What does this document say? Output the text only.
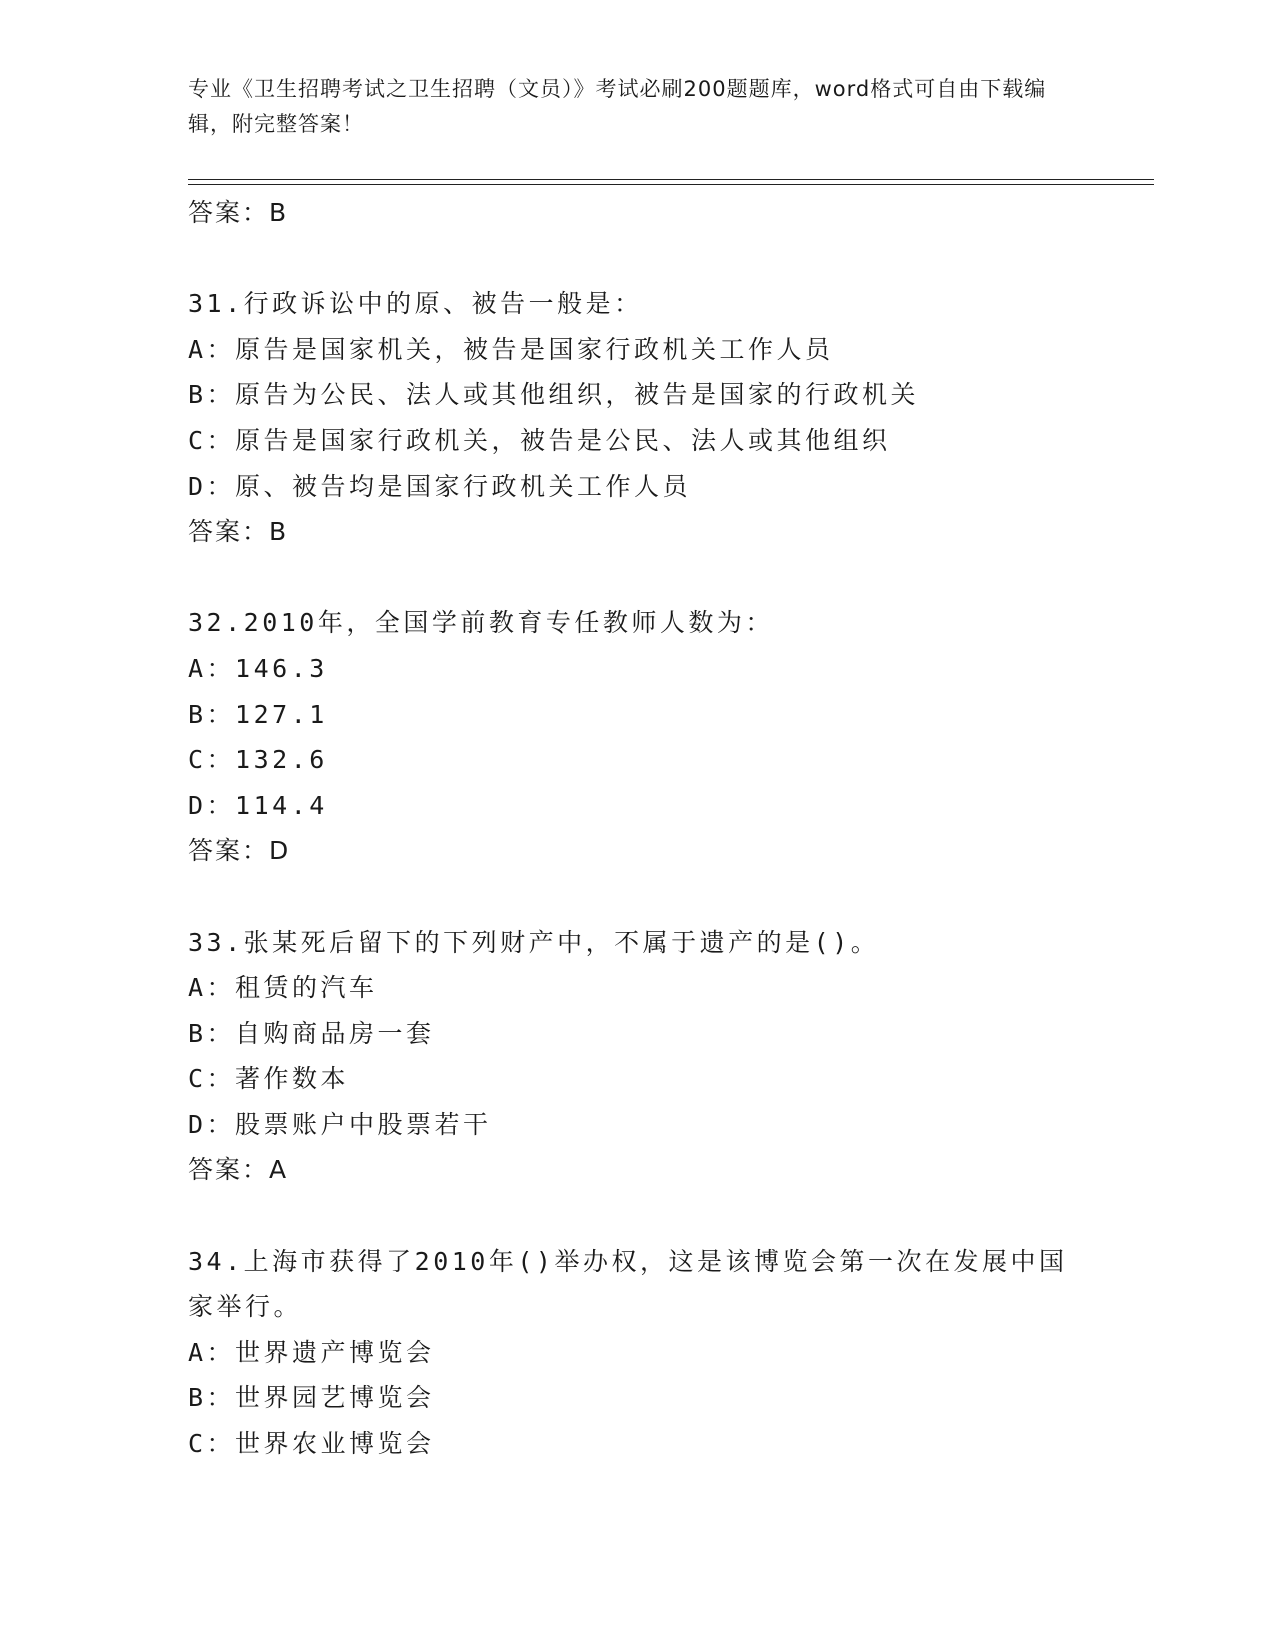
专业《卫生招聘考试之卫生招聘（文员）》考试必刷200题题库，word格式可自由下载编辑，附完整答案！
答案：B
31.行政诉讼中的原、被告一般是：
A：原告是国家机关，被告是国家行政机关工作人员
B：原告为公民、法人或其他组织，被告是国家的行政机关
C：原告是国家行政机关，被告是公民、法人或其他组织
D：原、被告均是国家行政机关工作人员
答案：B
32.2010年，全国学前教育专任教师人数为：
A：146.3
B：127.1
C：132.6
D：114.4
答案：D
33.张某死后留下的下列财产中，不属于遗产的是()。
A：租赁的汽车
B：自购商品房一套
C：著作数本
D：股票账户中股票若干
答案：A
34.上海市获得了2010年()举办权，这是该博览会第一次在发展中国
家举行。
A：世界遗产博览会
B：世界园艺博览会
C：世界农业博览会
